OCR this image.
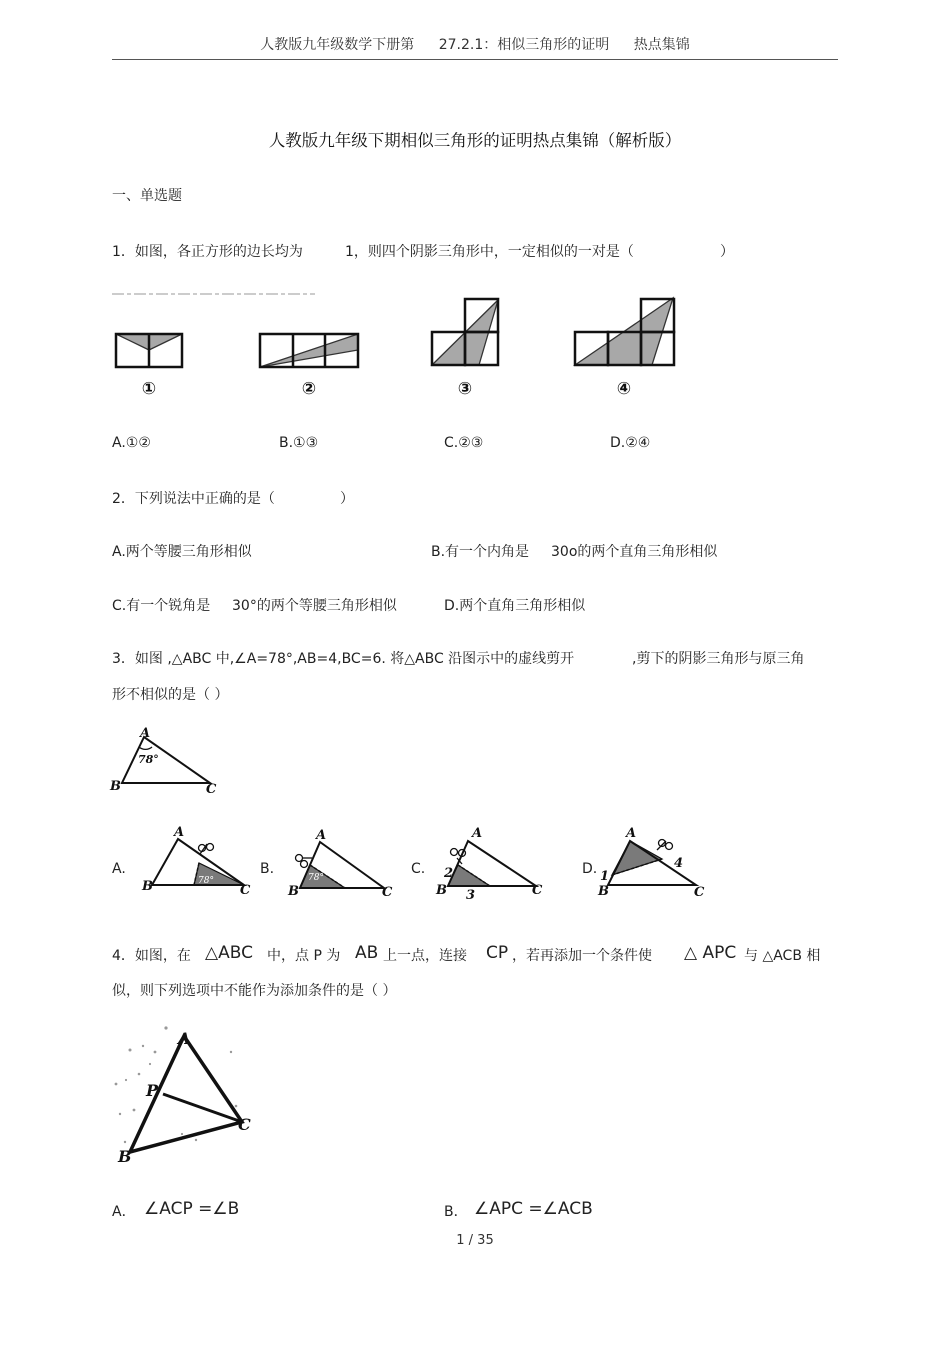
人教版九年级数学下册第 27.2.1：相似三角形的证明 热点集锦
人教版九年级下期相似三角形的证明热点集锦（解析版）
一、单选题
1．如图，各正方形的边长均为	1，则四个阴影三角形中，一定相似的一对是（	）
①	②	③	④
A.①②	B.①③	C.②③	D.②④
2．下列说法中正确的是（	）
A.两个等腰三角形相似	B.有一个内角是 30o的两个直角三角形相似
C.有一个锐角是 30°的两个等腰三角形相似	D.两个直角三角形相似
3．如图 ,△ABC 中,∠A=78°,AB=4,BC=6. 将△ABC 沿图示中的虚线剪开	,剪下的阴影三角形与原三角
形不相似的是（ ）
A
78°
B	C
A.
A
78°
B	C
B.
A
78°
B	C
C.
A
2
B 3	C
D.
A
4
1
B	C
4．如图，在 △ABC 中，点 P 为 AB 上一点，连接 CP ，若再添加一个条件使 △ APC 与 △ACB 相
似，则下列选项中不能作为添加条件的是（ ）
A
P
C
B
A． ∠ACP =∠B	B． ∠APC =∠ACB
1 / 35
